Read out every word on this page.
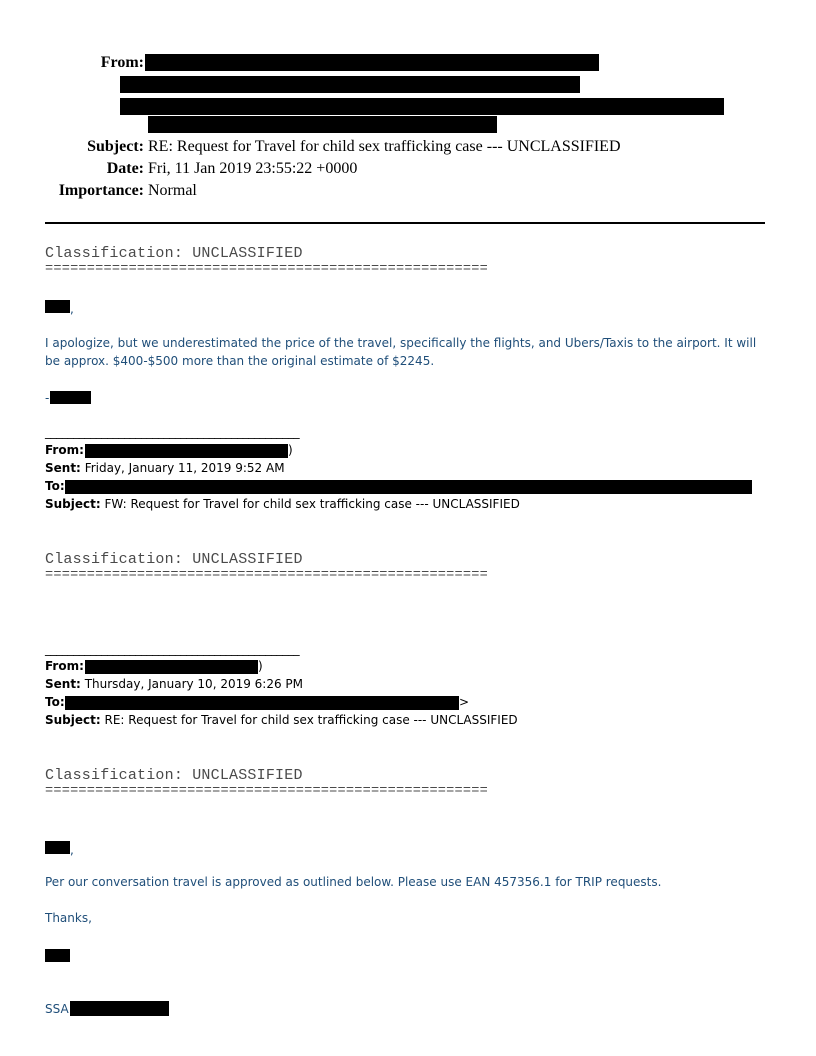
From:
Subject: RE: Request for Travel for child sex trafficking case --- UNCLASSIFIED
Date: Fri, 11 Jan 2019 23:55:22 +0000
Importance: Normal
Classification: UNCLASSIFIED
=====================================================
,
I apologize, but we underestimated the price of the travel, specifically the flights, and Ubers/Taxis to the airport. It will be approx. $400-$500 more than the original estimate of $2245.
-
_____________________________________________
From:	)
Sent: Friday, January 11, 2019 9:52 AM
To:
Subject: FW: Request for Travel for child sex trafficking case --- UNCLASSIFIED
Classification: UNCLASSIFIED
=====================================================
_____________________________________________
From:	)
Sent: Thursday, January 10, 2019 6:26 PM
To:	>
Subject: RE: Request for Travel for child sex trafficking case --- UNCLASSIFIED
Classification: UNCLASSIFIED
=====================================================
,
Per our conversation travel is approved as outlined below. Please use EAN 457356.1 for TRIP requests.
Thanks,
SSA
